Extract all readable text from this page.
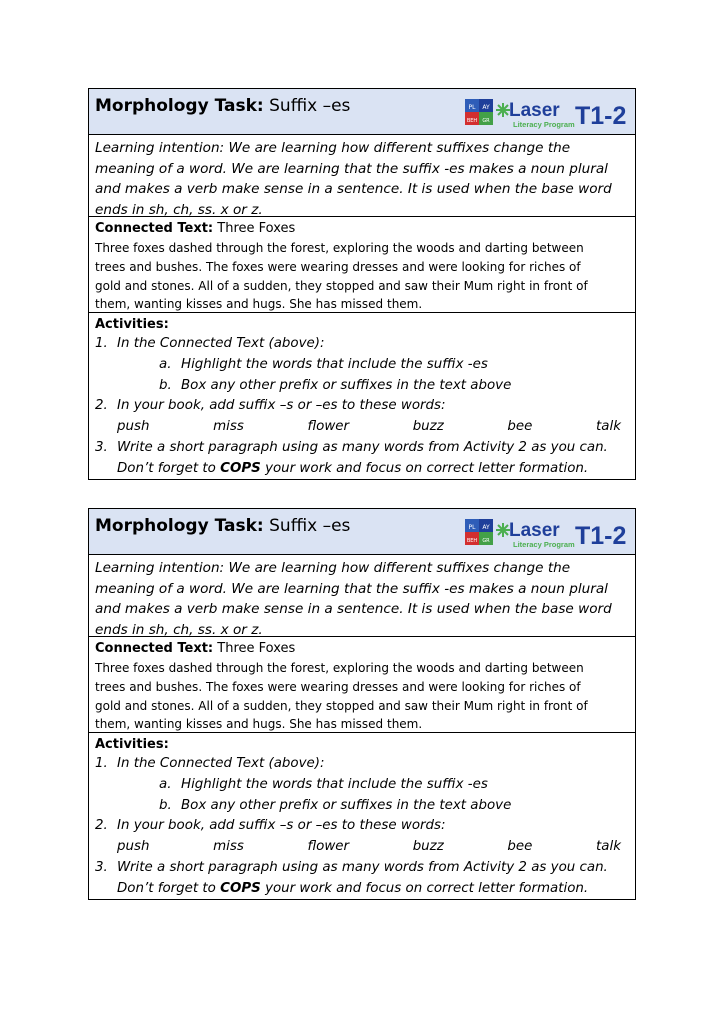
Morphology Task: Suffix –es	PL AY
BEH GR Laser
Literacy Program T1-2
Learning intention: We are learning how different suffixes change the
meaning of a word. We are learning that the suffix -es makes a noun plural
and makes a verb make sense in a sentence. It is used when the base word
ends in sh, ch, ss. x or z.
Connected Text: Three Foxes
Three foxes dashed through the forest, exploring the woods and darting between
trees and bushes. The foxes were wearing dresses and were looking for riches of
gold and stones. All of a sudden, they stopped and saw their Mum right in front of
them, wanting kisses and hugs. She has missed them.
Activities:
1. In the Connected Text (above):
a. Highlight the words that include the suffix -es
b. Box any other prefix or suffixes in the text above
2. In your book, add suffix –s or –es to these words:
push	miss	flower	buzz	bee	talk
3. Write a short paragraph using as many words from Activity 2 as you can.
Don’t forget to COPS your work and focus on correct letter formation.
Morphology Task: Suffix –es	PL AY
BEH GR Laser
Literacy Program T1-2
Learning intention: We are learning how different suffixes change the
meaning of a word. We are learning that the suffix -es makes a noun plural
and makes a verb make sense in a sentence. It is used when the base word
ends in sh, ch, ss. x or z.
Connected Text: Three Foxes
Three foxes dashed through the forest, exploring the woods and darting between
trees and bushes. The foxes were wearing dresses and were looking for riches of
gold and stones. All of a sudden, they stopped and saw their Mum right in front of
them, wanting kisses and hugs. She has missed them.
Activities:
1. In the Connected Text (above):
a. Highlight the words that include the suffix -es
b. Box any other prefix or suffixes in the text above
2. In your book, add suffix –s or –es to these words:
push	miss	flower	buzz	bee	talk
3. Write a short paragraph using as many words from Activity 2 as you can.
Don’t forget to COPS your work and focus on correct letter formation.
